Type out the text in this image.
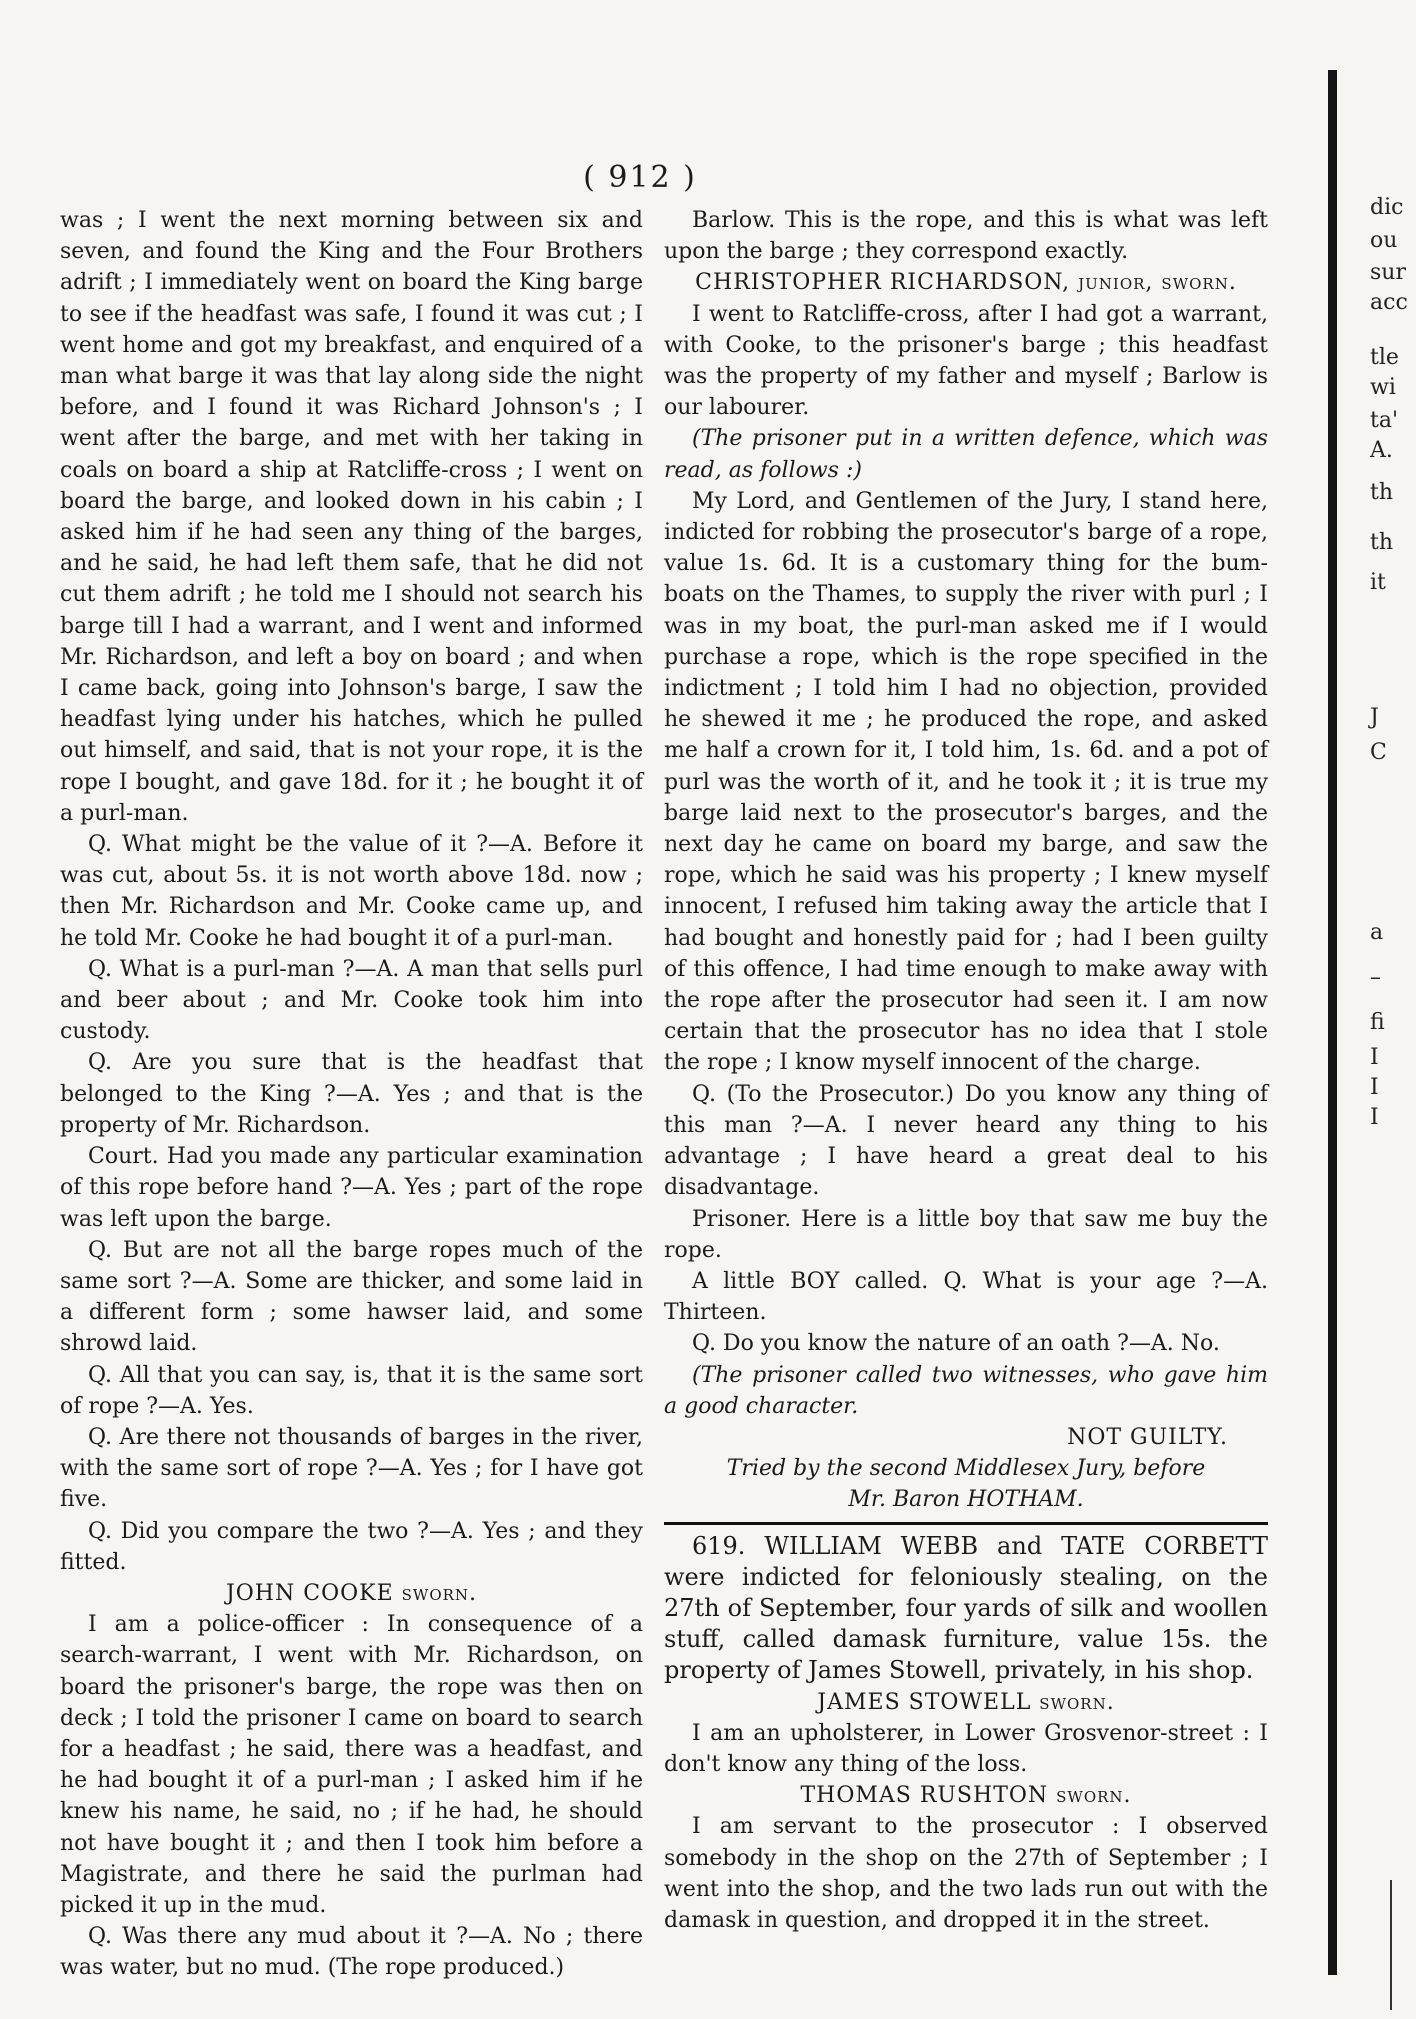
( 912 )

was ; I went the next morning between six and seven, and found the King and the Four Brothers adrift ; I immediately went on board the King barge to see if the headfast was safe, I found it was cut ; I went home and got my breakfast, and enquired of a man what barge it was that lay along side the night before, and I found it was Richard Johnson's ; I went after the barge, and met with her taking in coals on board a ship at Ratcliffe-cross ; I went on board the barge, and looked down in his cabin ; I asked him if he had seen any thing of the barges, and he said, he had left them safe, that he did not cut them adrift ; he told me I should not search his barge till I had a warrant, and I went and informed Mr. Richardson, and left a boy on board ; and when I came back, going into Johnson's barge, I saw the headfast lying under his hatches, which he pulled out himself, and said, that is not your rope, it is the rope I bought, and gave 18d. for it ; he bought it of a purl-man.

Q. What might be the value of it ?—A. Before it was cut, about 5s. it is not worth above 18d. now ; then Mr. Richardson and Mr. Cooke came up, and he told Mr. Cooke he had bought it of a purl-man.

Q. What is a purl-man ?—A. A man that sells purl and beer about ; and Mr. Cooke took him into custody.

Q. Are you sure that is the headfast that belonged to the King ?—A. Yes ; and that is the property of Mr. Richardson.

Court. Had you made any particular examination of this rope before hand ?—A. Yes ; part of the rope was left upon the barge.

Q. But are not all the barge ropes much of the same sort ?—A. Some are thicker, and some laid in a different form ; some hawser laid, and some shrowd laid.

Q. All that you can say, is, that it is the same sort of rope ?—A. Yes.

Q. Are there not thousands of barges in the river, with the same sort of rope ?—A. Yes ; for I have got five.

Q. Did you compare the two ?—A. Yes ; and they fitted.

JOHN COOKE sworn.

I am a police-officer : In consequence of a search-warrant, I went with Mr. Richardson, on board the prisoner's barge, the rope was then on deck ; I told the prisoner I came on board to search for a headfast ; he said, there was a headfast, and he had bought it of a purl-man ; I asked him if he knew his name, he said, no ; if he had, he should not have bought it ; and then I took him before a Magistrate, and there he said the purlman had picked it up in the mud.

Q. Was there any mud about it ?—A. No ; there was water, but no mud. (The rope produced.)

Barlow. This is the rope, and this is what was left upon the barge ; they correspond exactly.

CHRISTOPHER RICHARDSON, junior, sworn.

I went to Ratcliffe-cross, after I had got a warrant, with Cooke, to the prisoner's barge ; this headfast was the property of my father and myself ; Barlow is our labourer.

(The prisoner put in a written defence, which was read, as follows :)

My Lord, and Gentlemen of the Jury, I stand here, indicted for robbing the prosecutor's barge of a rope, value 1s. 6d. It is a customary thing for the bum-boats on the Thames, to supply the river with purl ; I was in my boat, the purl-man asked me if I would purchase a rope, which is the rope specified in the indictment ; I told him I had no objection, provided he shewed it me ; he produced the rope, and asked me half a crown for it, I told him, 1s. 6d. and a pot of purl was the worth of it, and he took it ; it is true my barge laid next to the prosecutor's barges, and the next day he came on board my barge, and saw the rope, which he said was his property ; I knew myself innocent, I refused him taking away the article that I had bought and honestly paid for ; had I been guilty of this offence, I had time enough to make away with the rope after the prosecutor had seen it. I am now certain that the prosecutor has no idea that I stole the rope ; I know myself innocent of the charge.

Q. (To the Prosecutor.) Do you know any thing of this man ?—A. I never heard any thing to his advantage ; I have heard a great deal to his disadvantage.

Prisoner. Here is a little boy that saw me buy the rope.

A little BOY called. Q. What is your age ?—A. Thirteen.

Q. Do you know the nature of an oath ?—A. No.

(The prisoner called two witnesses, who gave him a good character.

NOT GUILTY.

Tried by the second Middlesex Jury, before

Mr. Baron HOTHAM.

619. WILLIAM WEBB and TATE CORBETT were indicted for feloniously stealing, on the 27th of September, four yards of silk and woollen stuff, called damask furniture, value 15s. the property of James Stowell, privately, in his shop.

JAMES STOWELL sworn.

I am an upholsterer, in Lower Grosvenor-street : I don't know any thing of the loss.

THOMAS RUSHTON sworn.

I am servant to the prosecutor : I observed somebody in the shop on the 27th of September ; I went into the shop, and the two lads run out with the damask in question, and dropped it in the street.

dic
ou
sur
acc
tle
wi
ta'
A.
th
th
it
J
C
a
–
fi
I
I
I
